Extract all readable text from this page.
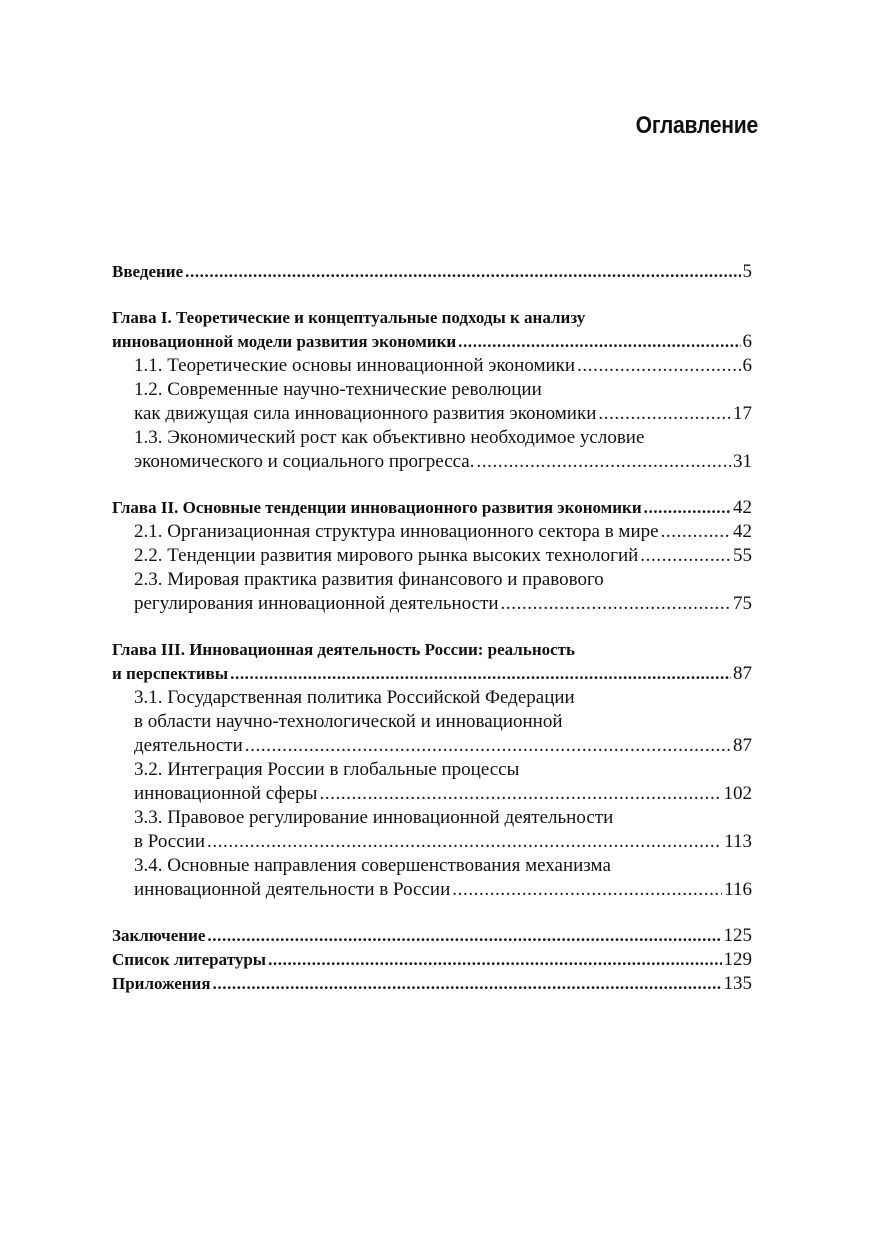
Оглавление
Введение .....	5
Глава I. Теоретические и концептуальные подходы к анализу
инновационной модели развития экономики .....	6
1.1. Теоретические основы инновационной экономики .....	6
1.2. Современные научно-технические революции
как движущая сила инновационного развития экономики .....	17
1.3. Экономический рост как объективно необходимое условие
экономического и социального прогресса. .....	31
Глава II. Основные тенденции инновационного развития экономики .....	42
2.1. Организационная структура инновационного сектора в мире .....	42
2.2. Тенденции развития мирового рынка высоких технологий .....	55
2.3. Мировая практика развития финансового и правового
регулирования инновационной деятельности .....	75
Глава III. Инновационная деятельность России: реальность
и перспективы .....	87
3.1. Государственная политика Российской Федерации
в области научно-технологической и инновационной
деятельности .....	87
3.2. Интеграция России в глобальные процессы
инновационной сферы .....	102
3.3. Правовое регулирование инновационной деятельности
в России .....	113
3.4. Основные направления совершенствования механизма
инновационной деятельности в России .....	116
Заключение .....	125
Список литературы .....	129
Приложения .....	135
